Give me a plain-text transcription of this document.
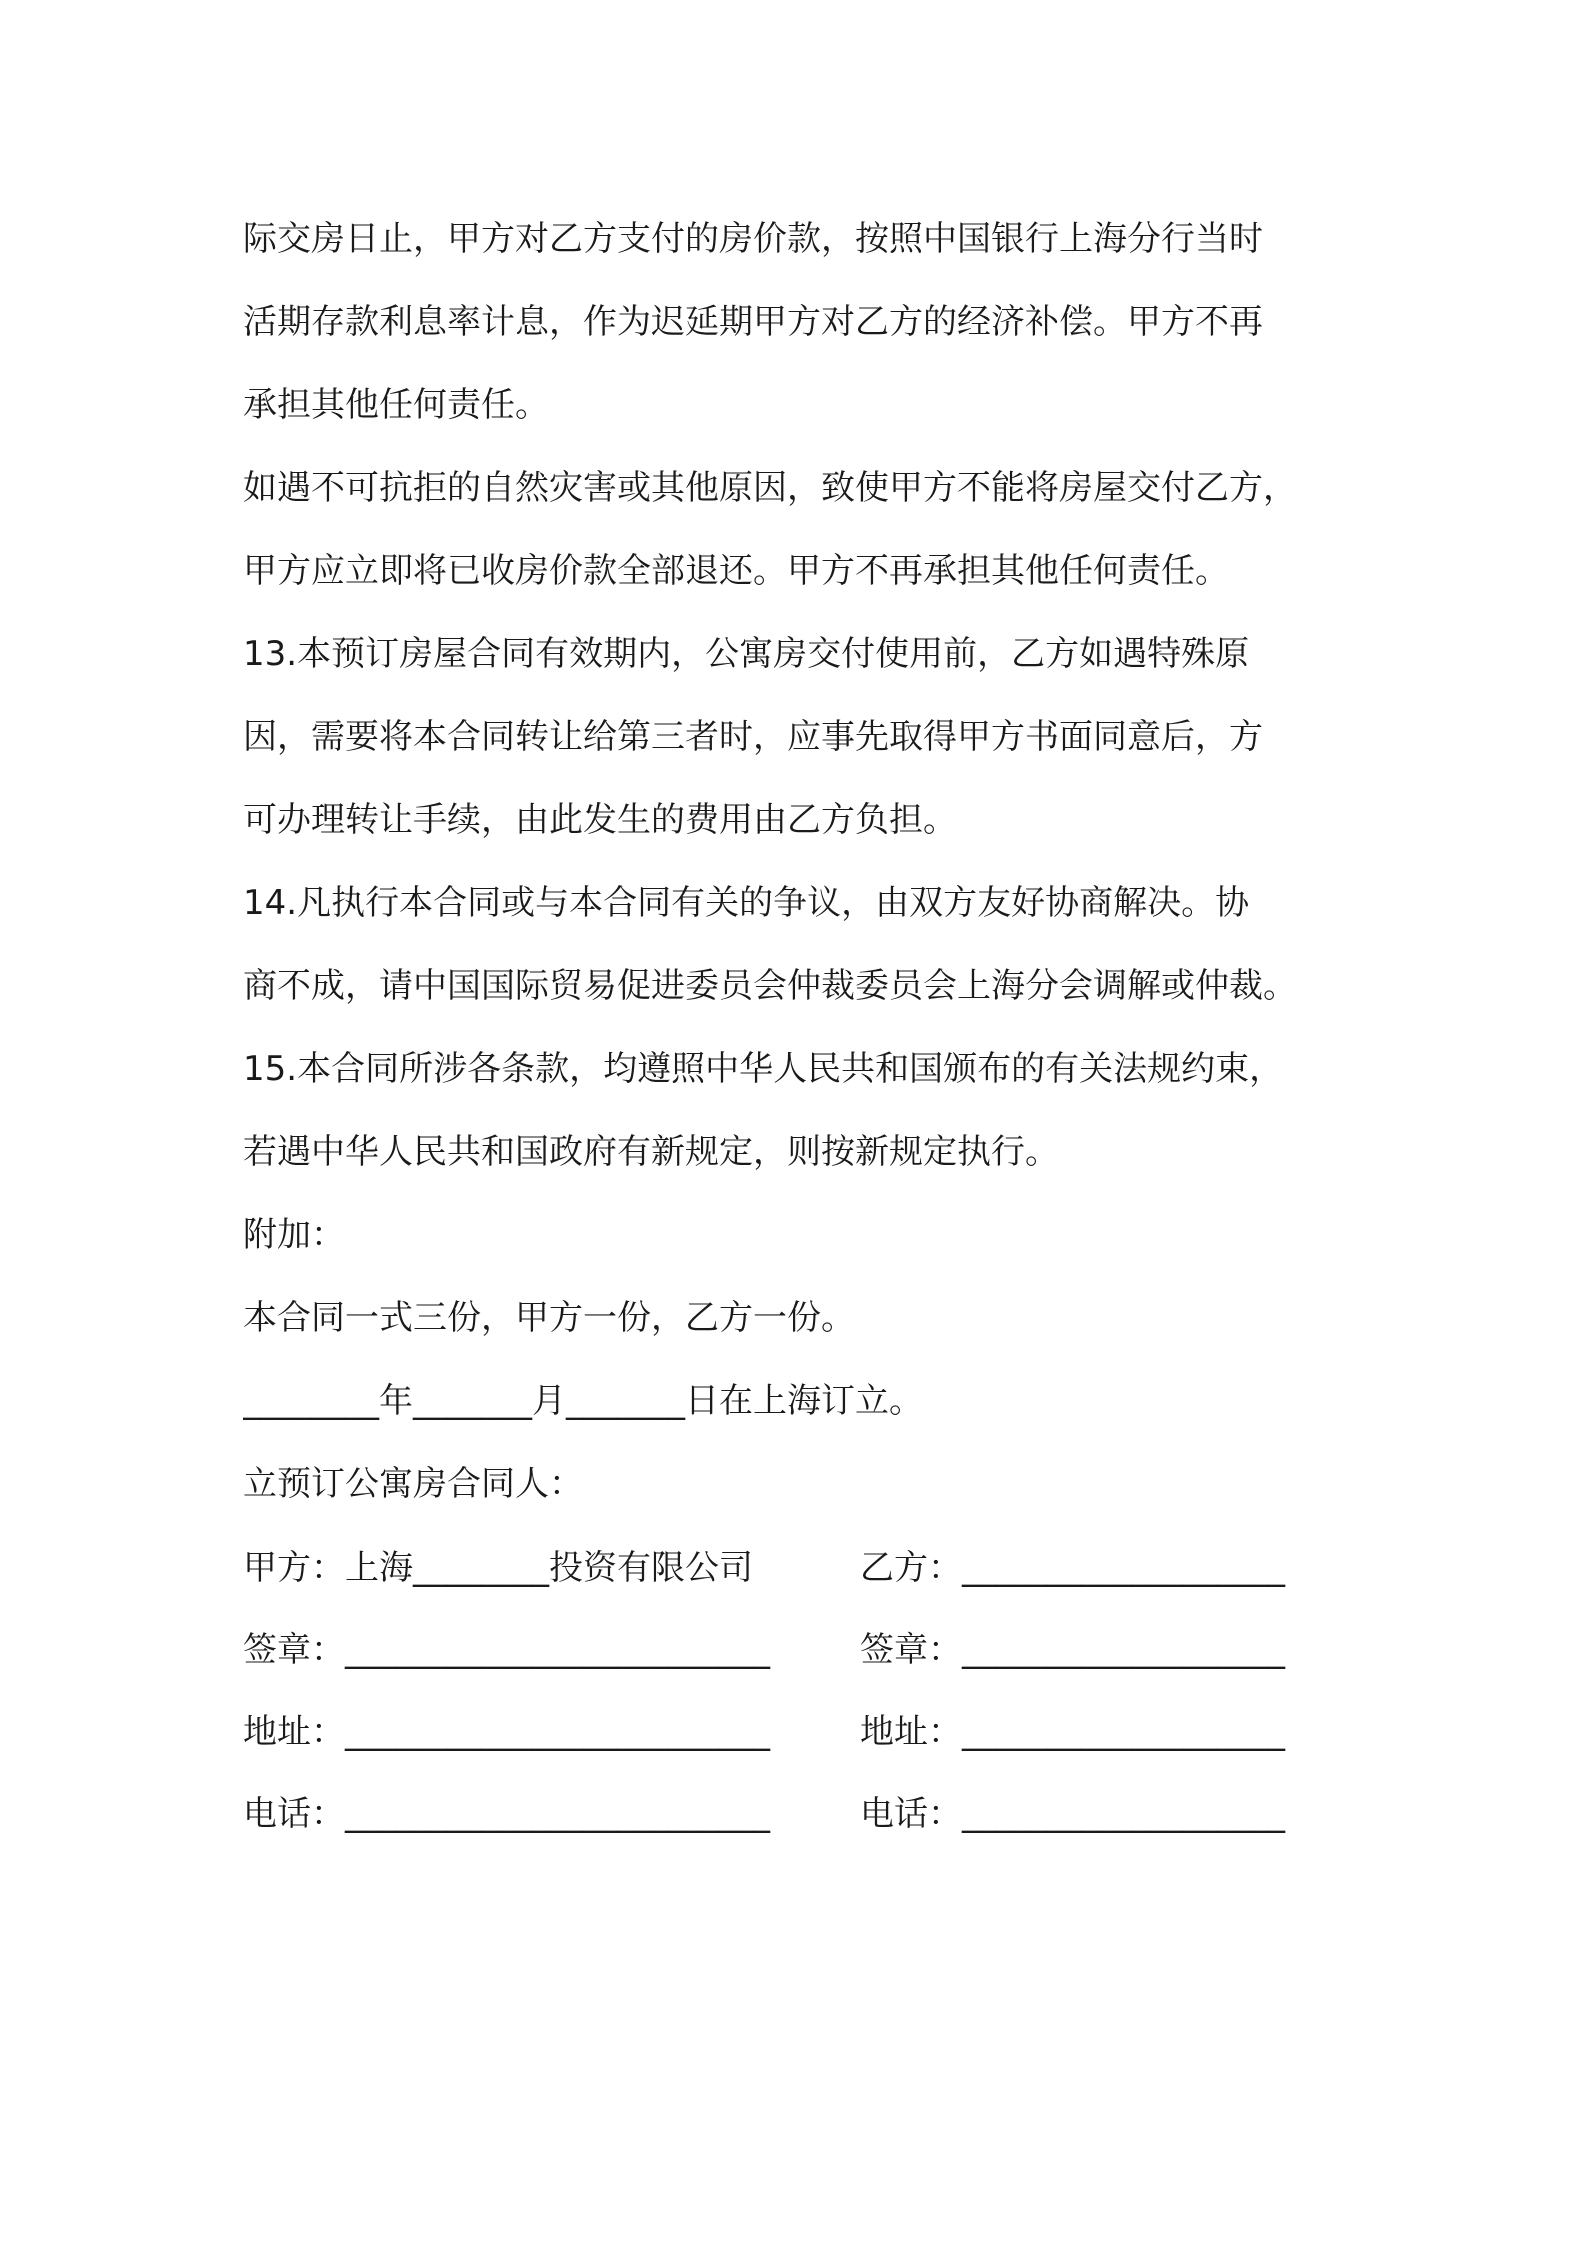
际交房日止，甲方对乙方支付的房价款，按照中国银行上海分行当时
活期存款利息率计息，作为迟延期甲方对乙方的经济补偿。甲方不再
承担其他任何责任。
如遇不可抗拒的自然灾害或其他原因，致使甲方不能将房屋交付乙方，
甲方应立即将已收房价款全部退还。甲方不再承担其他任何责任。
13.本预订房屋合同有效期内，公寓房交付使用前，乙方如遇特殊原
因，需要将本合同转让给第三者时，应事先取得甲方书面同意后，方
可办理转让手续，由此发生的费用由乙方负担。
14.凡执行本合同或与本合同有关的争议，由双方友好协商解决。协
商不成，请中国国际贸易促进委员会仲裁委员会上海分会调解或仲裁。
15.本合同所涉各条款，均遵照中华人民共和国颁布的有关法规约束，
若遇中华人民共和国政府有新规定，则按新规定执行。
附加：
本合同一式三份，甲方一份，乙方一份。
________年_______月_______日在上海订立。
立预订公寓房合同人：
甲方：上海________投资有限公司	乙方：___________________
签章：_________________________	签章：___________________
地址：_________________________	地址：___________________
电话：_________________________	电话：___________________
